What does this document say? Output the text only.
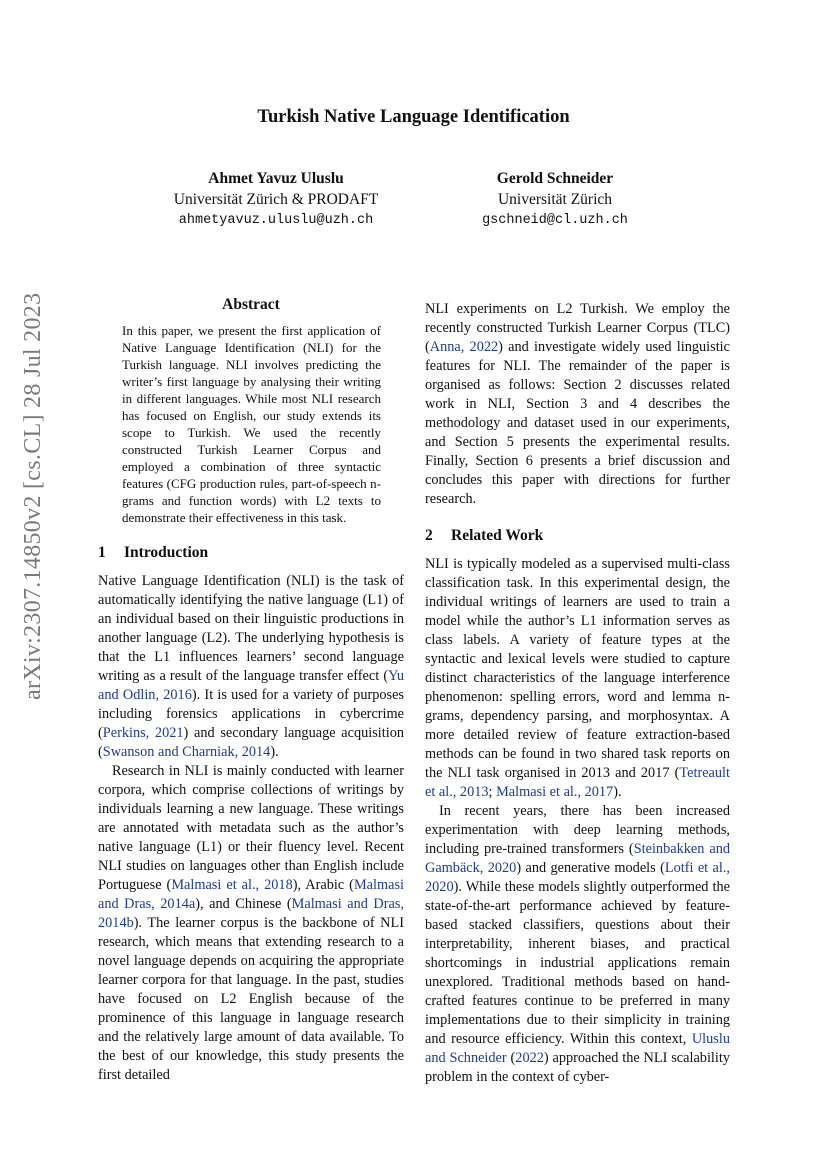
arXiv:2307.14850v2 [cs.CL] 28 Jul 2023
Turkish Native Language Identification
Ahmet Yavuz Uluslu
Universität Zürich & PRODAFT
ahmetyavuz.uluslu@uzh.ch
Gerold Schneider
Universität Zürich
gschneid@cl.uzh.ch
Abstract

In this paper, we present the first application of Native Language Identification (NLI) for the Turkish language. NLI involves predicting the writer’s first language by analysing their writing in different languages. While most NLI research has focused on English, our study extends its scope to Turkish. We used the recently constructed Turkish Learner Corpus and employed a combination of three syntactic features (CFG production rules, part-of-speech n-grams and function words) with L2 texts to demonstrate their effectiveness in this task.

1 Introduction

Native Language Identification (NLI) is the task of automatically identifying the native language (L1) of an individual based on their linguistic productions in another language (L2). The underlying hypothesis is that the L1 influences learners’ second language writing as a result of the language transfer effect (Yu and Odlin, 2016). It is used for a variety of purposes including forensics applications in cybercrime (Perkins, 2021) and secondary language acquisition (Swanson and Charniak, 2014).

Research in NLI is mainly conducted with learner corpora, which comprise collections of writings by individuals learning a new language. These writings are annotated with metadata such as the author’s native language (L1) or their fluency level. Recent NLI studies on languages other than English include Portuguese (Malmasi et al., 2018), Arabic (Malmasi and Dras, 2014a), and Chinese (Malmasi and Dras, 2014b). The learner corpus is the backbone of NLI research, which means that extending research to a novel language depends on acquiring the appropriate learner corpora for that language. In the past, studies have focused on L2 English because of the prominence of this language in language research and the relatively large amount of data available. To the best of our knowledge, this study presents the first detailed

NLI experiments on L2 Turkish. We employ the recently constructed Turkish Learner Corpus (TLC) (Anna, 2022) and investigate widely used linguistic features for NLI. The remainder of the paper is organised as follows: Section 2 discusses related work in NLI, Section 3 and 4 describes the methodology and dataset used in our experiments, and Section 5 presents the experimental results. Finally, Section 6 presents a brief discussion and concludes this paper with directions for further research.

2 Related Work

NLI is typically modeled as a supervised multi-class classification task. In this experimental design, the individual writings of learners are used to train a model while the author’s L1 information serves as class labels. A variety of feature types at the syntactic and lexical levels were studied to capture distinct characteristics of the language interference phenomenon: spelling errors, word and lemma n-grams, dependency parsing, and morphosyntax. A more detailed review of feature extraction-based methods can be found in two shared task reports on the NLI task organised in 2013 and 2017 (Tetreault et al., 2013; Malmasi et al., 2017).

In recent years, there has been increased experimentation with deep learning methods, including pre-trained transformers (Steinbakken and Gambäck, 2020) and generative models (Lotfi et al., 2020). While these models slightly outperformed the state-of-the-art performance achieved by feature-based stacked classifiers, questions about their interpretability, inherent biases, and practical shortcomings in industrial applications remain unexplored. Traditional methods based on hand-crafted features continue to be preferred in many implementations due to their simplicity in training and resource efficiency. Within this context, Uluslu and Schneider (2022) approached the NLI scalability problem in the context of cyber-
